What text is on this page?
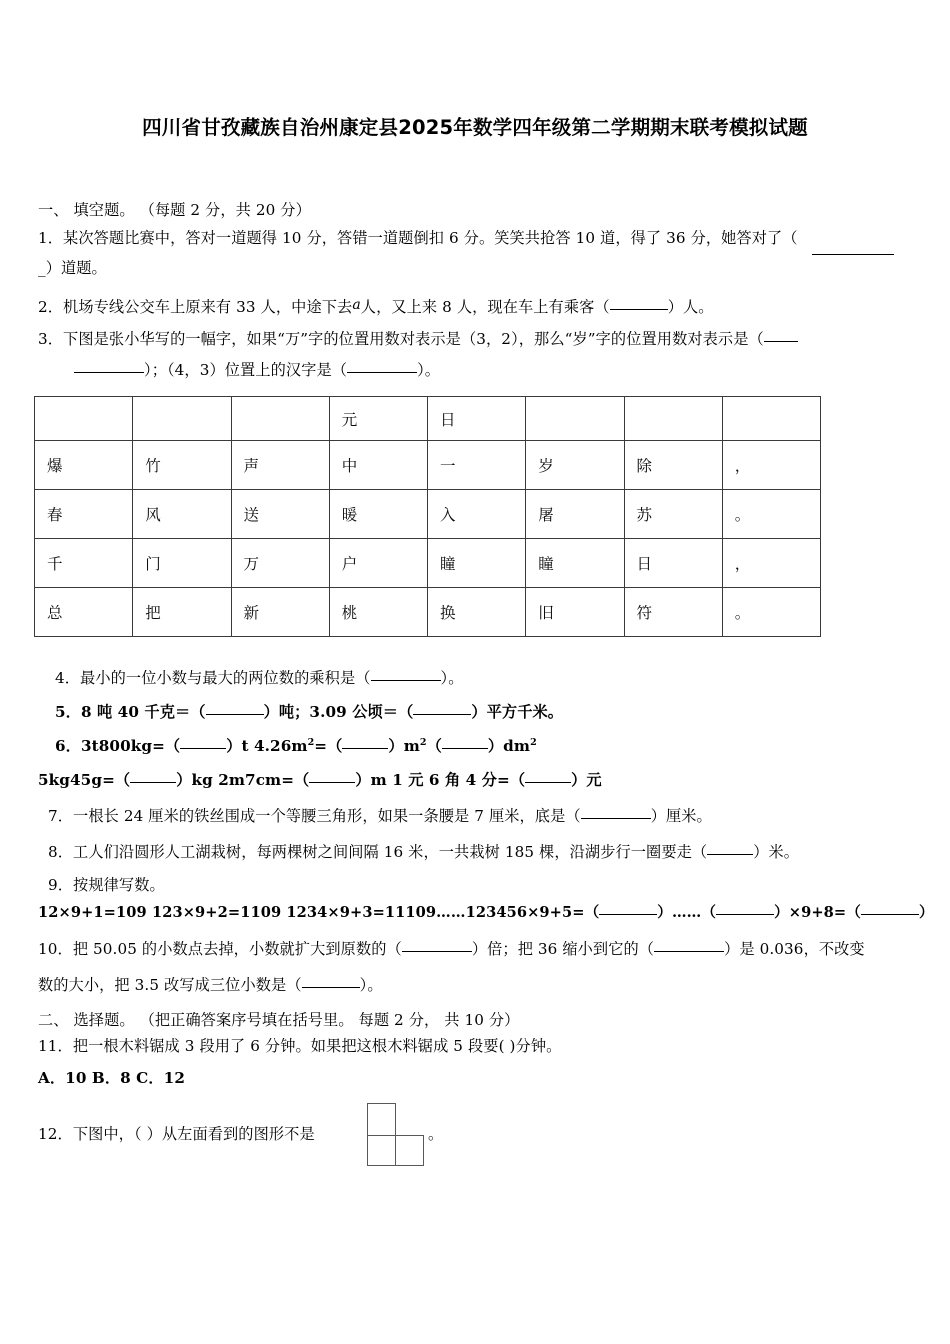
四川省甘孜藏族自治州康定县2025年数学四年级第二学期期末联考模拟试题
一、 填空题。 （每题 2 分，共 20 分）
1．某次答题比赛中，答对一道题得 10 分，答错一道题倒扣 6 分。笑笑共抢答 10 道，得了 36 分，她答对了（
_）道题。
2．机场专线公交车上原来有 33 人，中途下去a人，又上来 8 人，现在车上有乘客（	）人。
3．下图是张小华写的一幅字，如果“万”字的位置用数对表示是（3，2），那么“岁”字的位置用数对表示是（
）；（4，3）位置上的汉字是（	）。
			元	日			
爆	竹	声	中	一	岁	除	，
春	风	送	暖	入	屠	苏	。
千	门	万	户	瞳	瞳	日	，
总	把	新	桃	换	旧	符	。
4．最小的一位小数与最大的两位数的乘积是（	）。
5．8 吨 40 千克＝（	）吨；3.09 公顷＝（	）平方千米。
6．3t800kg=（	）t $4.26m^2=$（	）$m^2$（	）$dm^2$
5kg45g=（	）kg 2m7cm=（	）m 1 元 6 角 4 分=（	）元
7．一根长 24 厘米的铁丝围成一个等腰三角形，如果一条腰是 7 厘米，底是（	）厘米。
8．工人们沿圆形人工湖栽树，每两棵树之间间隔 16 米，一共栽树 185 棵，沿湖步行一圈要走（	）米。
9．按规律写数。
12×9+1=109 123×9+2=1109 1234×9+3=11109……123456×9+5=（	）……（	）×9+8=（	）
10．把 50.05 的小数点去掉，小数就扩大到原数的（	）倍；把 36 缩小到它的（	）是 0.036，不改变
数的大小，把 3.5 改写成三位小数是（	）。
二、 选择题。 （把正确答案序号填在括号里。 每题 2 分， 共 10 分）
11．把一根木料锯成 3 段用了 6 分钟。如果把这根木料锯成 5 段要( )分钟。
A．10 B．8 C．12
12．下图中，（ ）从左面看到的图形不是	。
